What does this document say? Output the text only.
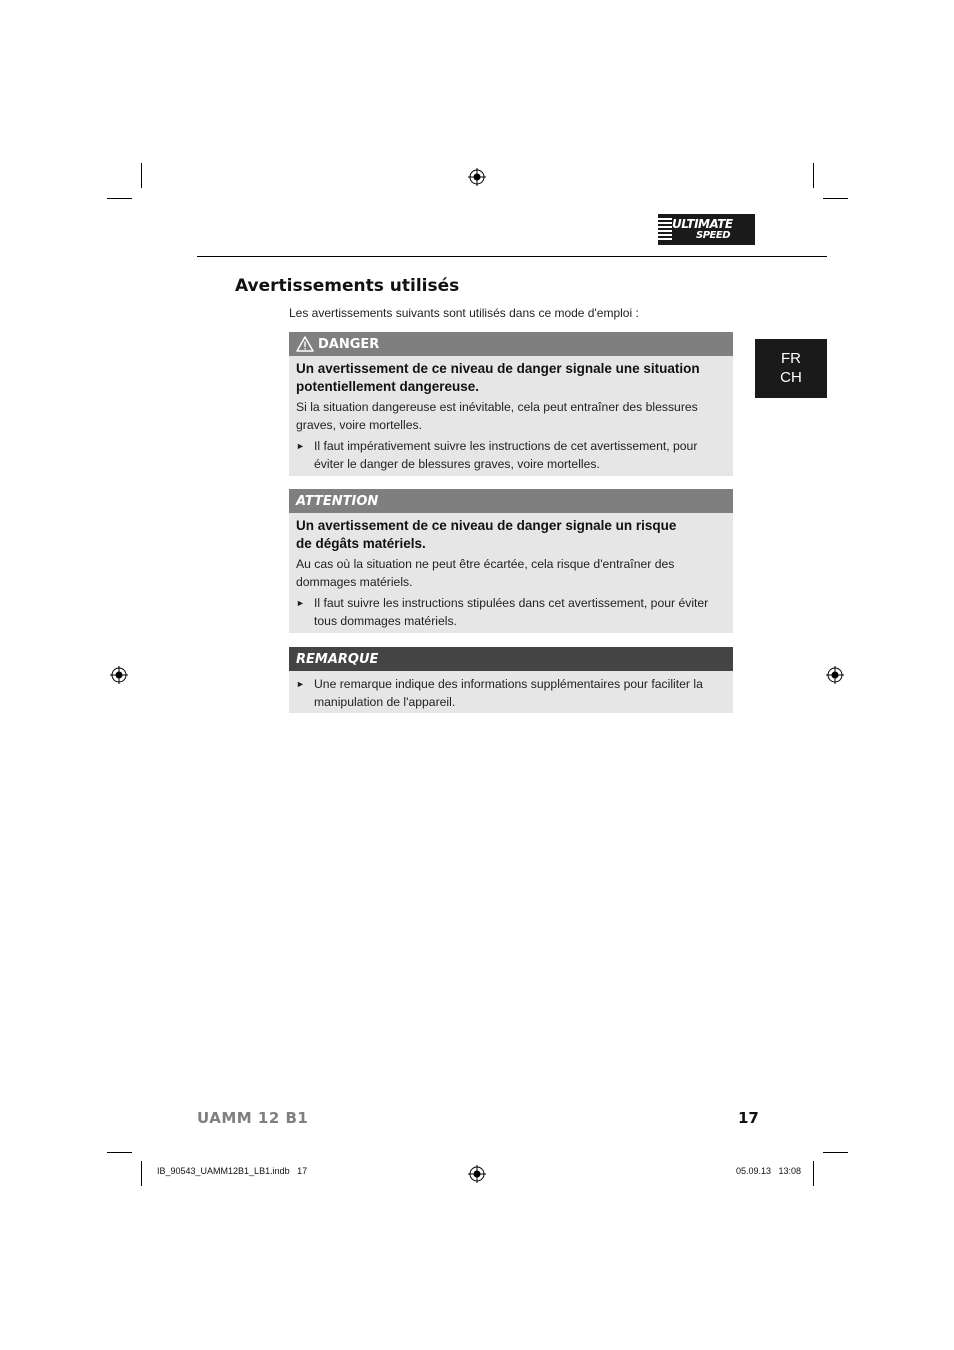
ULTIMATE
SPEED
Avertissements utilisés
Les avertissements suivants sont utilisés dans ce mode d'emploi :
DANGER
Un avertissement de ce niveau de danger signale une situation
potentiellement dangereuse.
Si la situation dangereuse est inévitable, cela peut entraîner des blessures
graves, voire mortelles.
► Il faut impérativement suivre les instructions de cet avertissement, pour
éviter le danger de blessures graves, voire mortelles.
ATTENTION
Un avertissement de ce niveau de danger signale un risque
de dégâts matériels.
Au cas où la situation ne peut être écartée, cela risque d'entraîner des
dommages matériels.
► Il faut suivre les instructions stipulées dans cet avertissement, pour éviter
tous dommages matériels.
REMARQUE
► Une remarque indique des informations supplémentaires pour faciliter la
manipulation de l'appareil.
FR
CH
UAMM 12 B1	17
IB_90543_UAMM12B1_LB1.indb   17	05.09.13   13:08
